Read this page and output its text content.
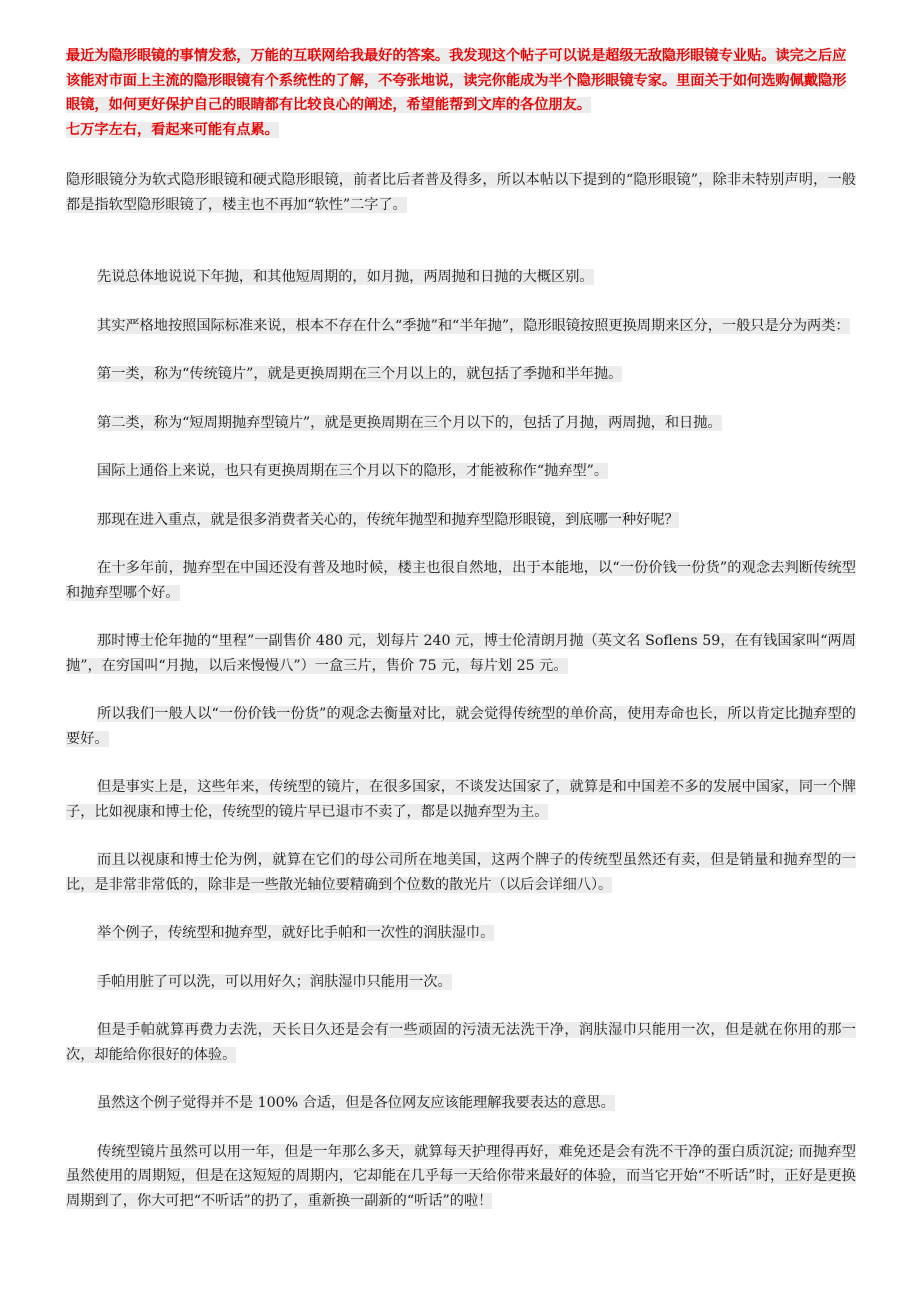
最近为隐形眼镜的事情发愁，万能的互联网给我最好的答案。我发现这个帖子可以说是超级无敌隐形眼镜专业贴。读完之后应该能对市面上主流的隐形眼镜有个系统性的了解，不夸张地说，读完你能成为半个隐形眼镜专家。里面关于如何选购佩戴隐形眼镜，如何更好保护自己的眼睛都有比较良心的阐述，希望能帮到文库的各位朋友。

七万字左右，看起来可能有点累。

隐形眼镜分为软式隐形眼镜和硬式隐形眼镜，前者比后者普及得多，所以本帖以下提到的“隐形眼镜”，除非未特别声明，一般都是指软型隐形眼镜了，楼主也不再加“软性”二字了。

先说总体地说说下年抛，和其他短周期的，如月抛，两周抛和日抛的大概区别。

其实严格地按照国际标准来说，根本不存在什么“季抛”和“半年抛”，隐形眼镜按照更换周期来区分，一般只是分为两类：

第一类，称为“传统镜片”，就是更换周期在三个月以上的，就包括了季抛和半年抛。

第二类，称为“短周期抛弃型镜片”，就是更换周期在三个月以下的，包括了月抛，两周抛，和日抛。

国际上通俗上来说，也只有更换周期在三个月以下的隐形，才能被称作“抛弃型”。

那现在进入重点，就是很多消费者关心的，传统年抛型和抛弃型隐形眼镜，到底哪一种好呢？

在十多年前，抛弃型在中国还没有普及地时候，楼主也很自然地，出于本能地，以“一份价钱一份货”的观念去判断传统型和抛弃型哪个好。

那时博士伦年抛的“里程”一副售价 480 元，划每片 240 元，博士伦清朗月抛（英文名 Soflens 59，在有钱国家叫“两周抛”，在穷国叫“月抛，以后来慢慢八”）一盒三片，售价 75 元，每片划 25 元。

所以我们一般人以“一份价钱一份货”的观念去衡量对比，就会觉得传统型的单价高，使用寿命也长，所以肯定比抛弃型的要好。

但是事实上是，这些年来，传统型的镜片，在很多国家，不谈发达国家了，就算是和中国差不多的发展中国家，同一个牌子，比如视康和博士伦，传统型的镜片早已退市不卖了，都是以抛弃型为主。

而且以视康和博士伦为例，就算在它们的母公司所在地美国，这两个牌子的传统型虽然还有卖，但是销量和抛弃型的一比，是非常非常低的，除非是一些散光轴位要精确到个位数的散光片（以后会详细八）。

举个例子，传统型和抛弃型，就好比手帕和一次性的润肤湿巾。

手帕用脏了可以洗，可以用好久；润肤湿巾只能用一次。

但是手帕就算再费力去洗，天长日久还是会有一些顽固的污渍无法洗干净，润肤湿巾只能用一次，但是就在你用的那一次，却能给你很好的体验。

虽然这个例子觉得并不是 100% 合适，但是各位网友应该能理解我要表达的意思。

传统型镜片虽然可以用一年，但是一年那么多天，就算每天护理得再好，难免还是会有洗不干净的蛋白质沉淀; 而抛弃型虽然使用的周期短，但是在这短短的周期内，它却能在几乎每一天给你带来最好的体验，而当它开始“不听话”时，正好是更换周期到了，你大可把“不听话”的扔了，重新换一副新的“听话”的啦！
